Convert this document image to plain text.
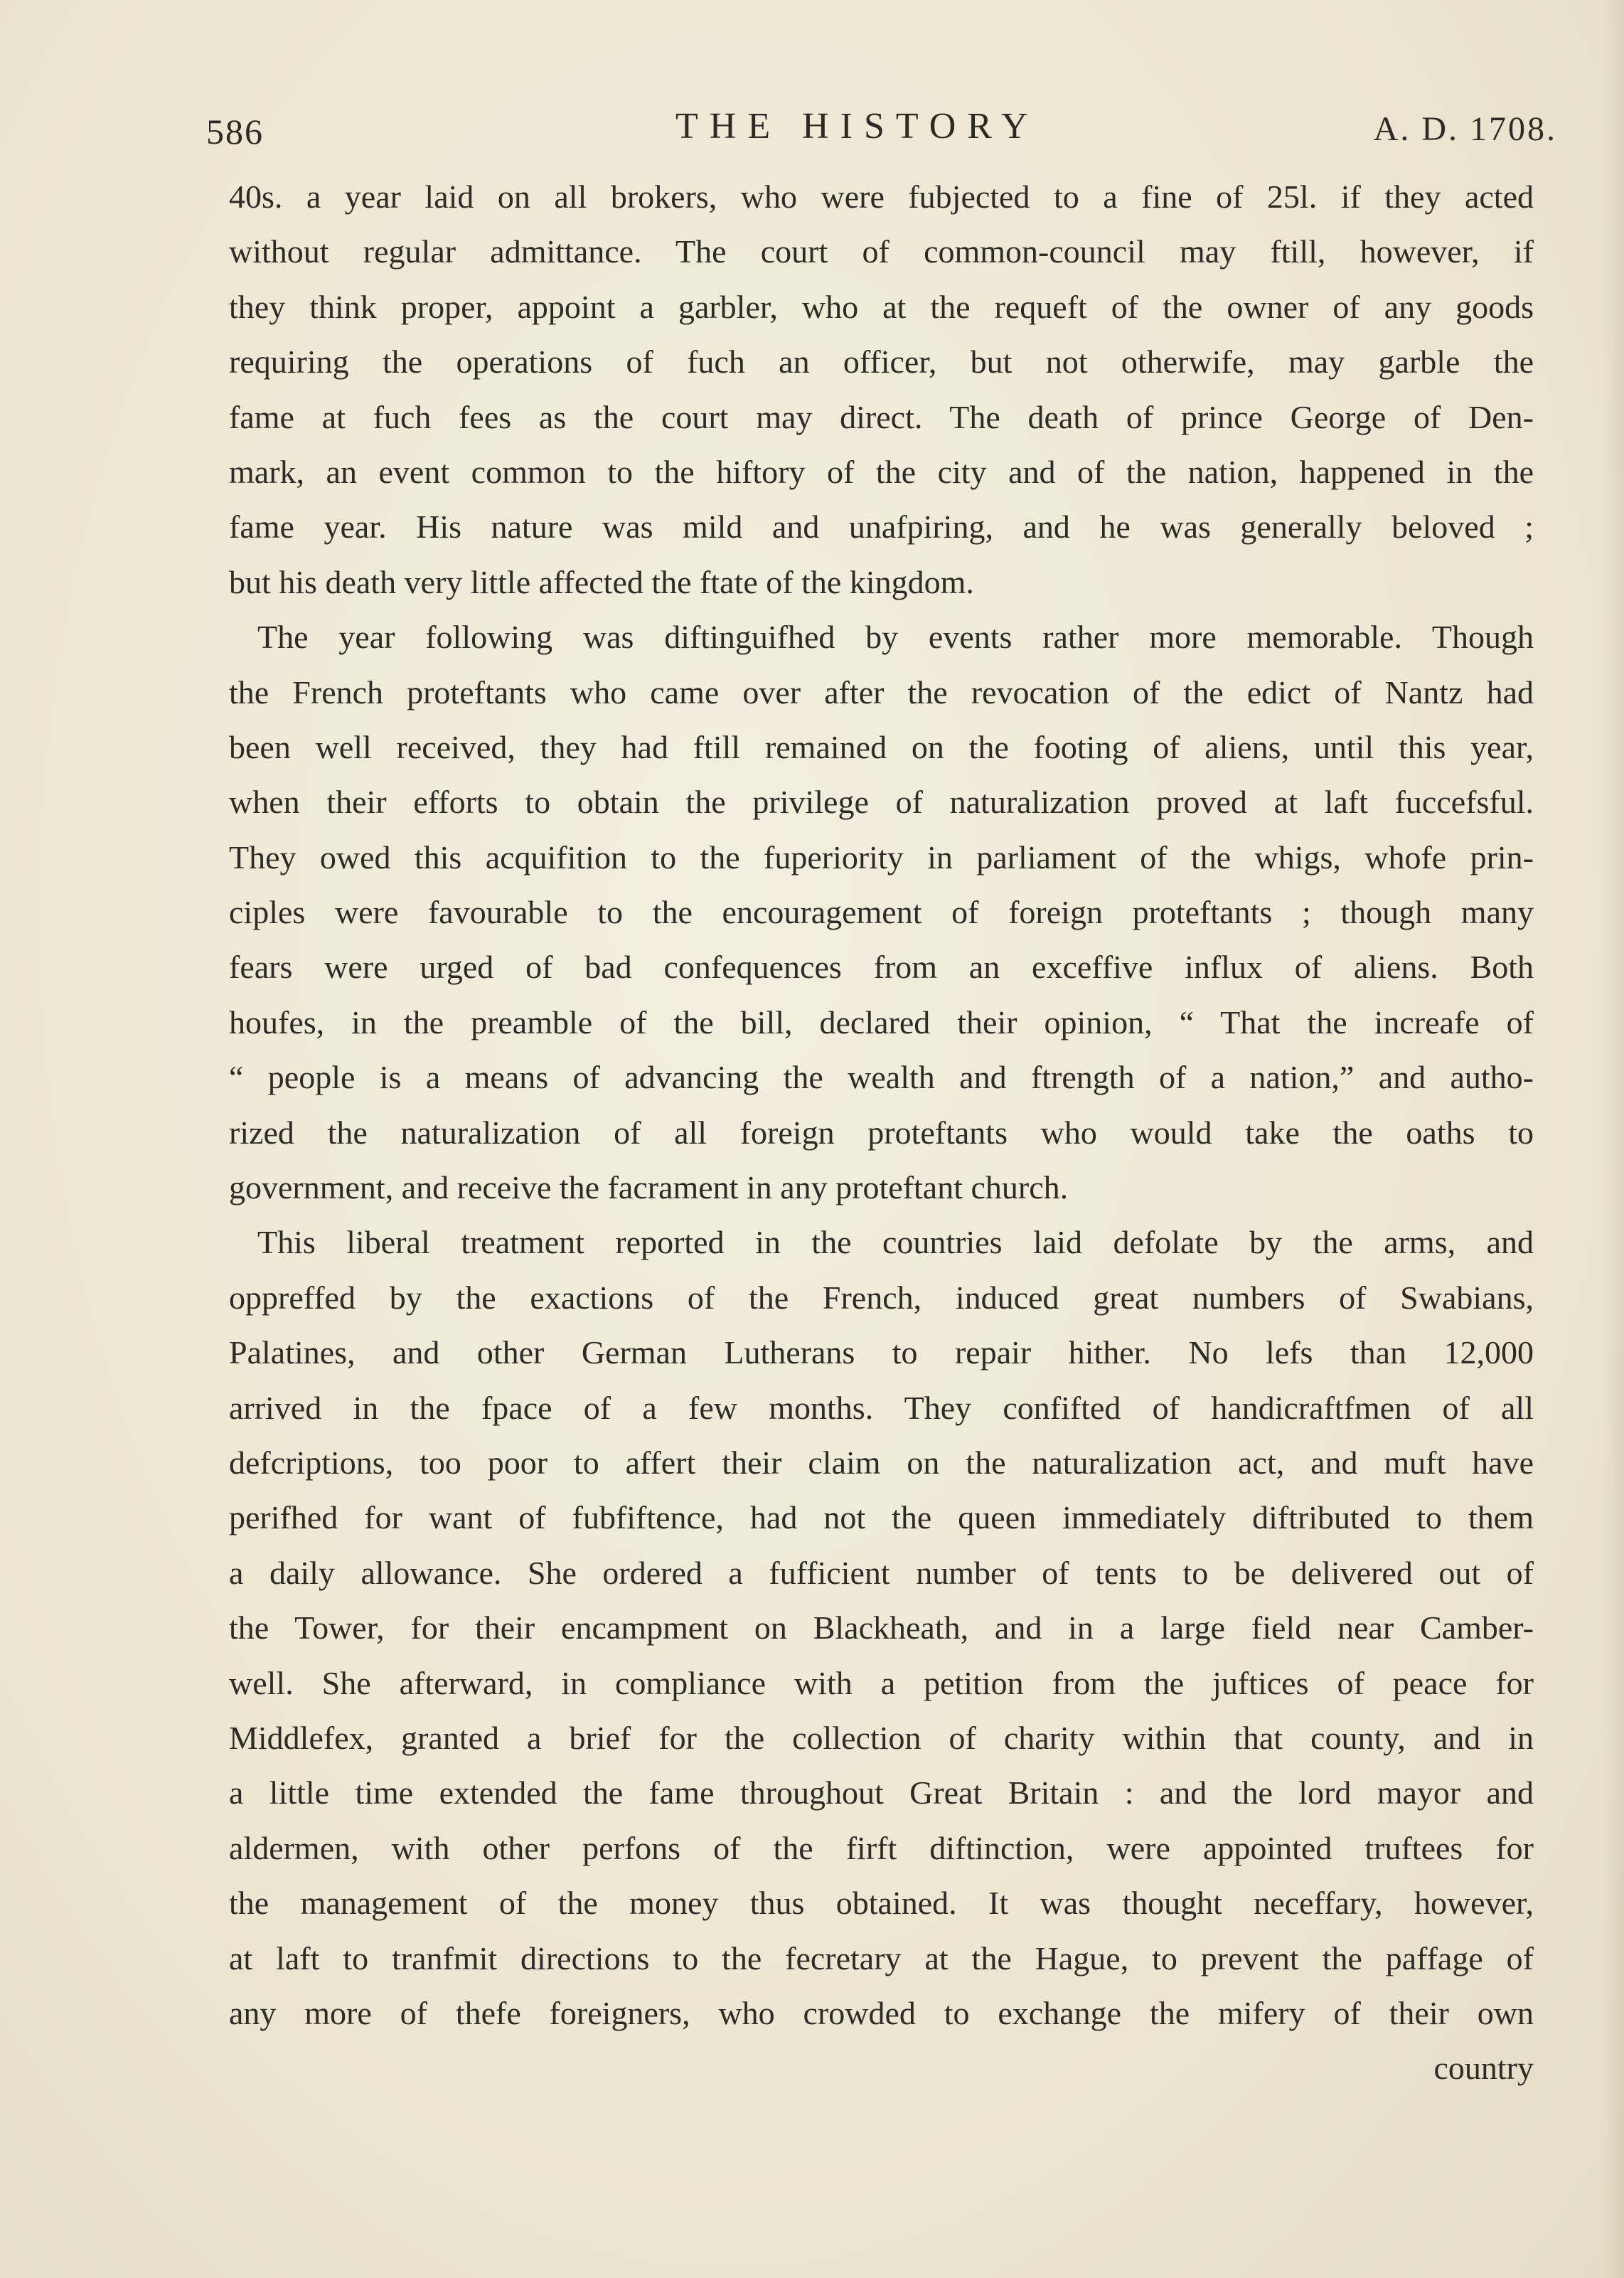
586	THE HISTORY	A. D. 1708.
40s. a year laid on all brokers, who were fubjected to a fine of 25l. if they acted
without regular admittance. The court of common-council may ftill, however, if
they think proper, appoint a garbler, who at the requeft of the owner of any goods
requiring the operations of fuch an officer, but not otherwife, may garble the
fame at fuch fees as the court may direct. The death of prince George of Den-
mark, an event common to the hiftory of the city and of the nation, happened in the
fame year. His nature was mild and unafpiring, and he was generally beloved ;
but his death very little affected the ftate of the kingdom.
The year following was diftinguifhed by events rather more memorable. Though
the French proteftants who came over after the revocation of the edict of Nantz had
been well received, they had ftill remained on the footing of aliens, until this year,
when their efforts to obtain the privilege of naturalization proved at laft fuccefsful.
They owed this acquifition to the fuperiority in parliament of the whigs, whofe prin-
ciples were favourable to the encouragement of foreign proteftants ; though many
fears were urged of bad confequences from an exceffive influx of aliens. Both
houfes, in the preamble of the bill, declared their opinion, “ That the increafe of
“ people is a means of advancing the wealth and ftrength of a nation,” and autho-
rized the naturalization of all foreign proteftants who would take the oaths to
government, and receive the facrament in any proteftant church.
This liberal treatment reported in the countries laid defolate by the arms, and
oppreffed by the exactions of the French, induced great numbers of Swabians,
Palatines, and other German Lutherans to repair hither. No lefs than 12,000
arrived in the fpace of a few months. They confifted of handicraftfmen of all
defcriptions, too poor to affert their claim on the naturalization act, and muft have
perifhed for want of fubfiftence, had not the queen immediately diftributed to them
a daily allowance. She ordered a fufficient number of tents to be delivered out of
the Tower, for their encampment on Blackheath, and in a large field near Camber-
well. She afterward, in compliance with a petition from the juftices of peace for
Middlefex, granted a brief for the collection of charity within that county, and in
a little time extended the fame throughout Great Britain : and the lord mayor and
aldermen, with other perfons of the firft diftinction, were appointed truftees for
the management of the money thus obtained. It was thought neceffary, however,
at laft to tranfmit directions to the fecretary at the Hague, to prevent the paffage of
any more of thefe foreigners, who crowded to exchange the mifery of their own
country
